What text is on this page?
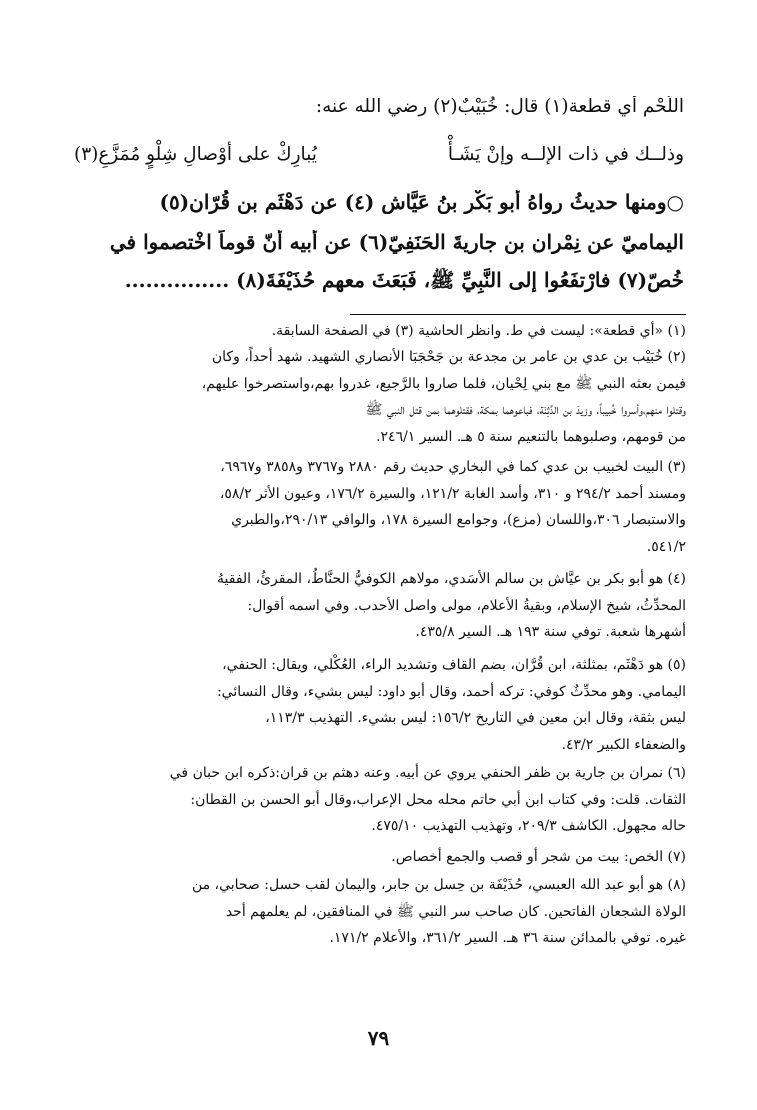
اللَّحْم أي قطعة(١) قال: خُبَيْبٌ(٢) رضي الله عنه:
وذلــك في ذات الإلــه وإنْ يَشَـأْ
يُبارِكْ على أوْصالِ شِلْوٍ مُمَزَّعِ(٣)
○ومنها حديثُ رواهُ أبو بَكْرٍ بنُ عَيَّاش (٤) عن دَهْثَم بن قُرّان(٥)
اليماميّ عن نِمْران بن جاريةَ الحَنَفِيّ(٦) عن أبيه أنّ قوماً اخْتصموا في
خُصّ(٧) فارْتفَعُوا إلى النَّبِيِّ ﷺ، فَبَعَثَ معهم حُذَيْفَةَ(٨) ...............

(١) «أي قطعة»: ليست في ط. وانظر الحاشية (٣) في الصفحة السابقة.

(٢) خُبَيْب بن عدي بن عامر بن مجدعة بن جَحْجَبَا الأنصاري الشهيد. شهد أحداً، وكان

فيمن بعثه النبي ﷺ مع بني لِحْيان، فلما صاروا بالرَّجيع، غدروا بهم،واستصرخوا عليهم،

وقتلوا منهم،وأسروا خُبيباً، وزيدَ بن الدَّثِنَة، فباعوهما بمكة، فقتلوهما بمن قتل النبي ﷺ

من قومهم، وصلبوهما بالتنعيم سنة ٥ هـ. السير ٢٤٦/١.

(٣) البيت لخبيب بن عدي كما في البخاري حديث رقم ٢٨٨٠ و٣٧٦٧ و٣٨٥٨ و٦٩٦٧،

ومسند أحمد ٢٩٤/٢ و ٣١٠، وأسد الغابة ١٢١/٢، والسيرة ١٧٦/٢، وعيون الأثر ٥٨/٢،

والاستبصار ٣٠٦،واللسان (مزع)، وجوامع السيرة ١٧٨، والوافي ٢٩٠/١٣،والطبري

٥٤١/٢.

(٤) هو أبو بكر بن عيَّاش بن سالم الأسَدي، مولاهم الكوفيُّ الحنَّاطُ، المقرئُ، الفقيهُ

المحدِّثُ، شيخ الإسلام، وبقيةُ الأعلام، مولى واصل الأحدب. وفي اسمه أقوال:

أشهرها شعبة. توفي سنة ١٩٣ هـ. السير ٤٣٥/٨.

(٥) هو دَهْثَم، بمثلثة، ابن قُرَّان، بضم القاف وتشديد الراء، العُكْلي، ويقال: الحنفي،

اليمامي. وهو محدِّثٌ كوفي: تركه أحمد، وقال أبو داود: ليس بشيء، وقال النسائي:

ليس بثقة، وقال ابن معين في التاريخ ١٥٦/٢: ليس بشيء. التهذيب ١١٣/٣،

والضعفاء الكبير ٤٣/٢.

(٦) نمران بن جارية بن ظفر الحنفي يروي عن أبيه. وعنه دهثم بن قران:ذكره ابن حبان في

الثقات. قلت: وفي كتاب ابن أبي حاتم محله محل الإعراب،وقال أبو الحسن بن القطان:

حاله مجهول. الكاشف ٢٠٩/٣، وتهذيب التهذيب ٤٧٥/١٠.

(٧) الخص: بيت من شجر أو قصب والجمع أخصاص.

(٨) هو أبو عبد الله العبسي، حُذَيْفَة بن حِسل بن جابر، واليمان لقب حسل: صحابي، من

الولاة الشجعان الفاتحين. كان صاحب سر النبي ﷺ في المنافقين، لم يعلمهم أحد

غيره. توفي بالمدائن سنة ٣٦ هـ. السير ٣٦١/٢، والأعلام ١٧١/٢.

٧٩
